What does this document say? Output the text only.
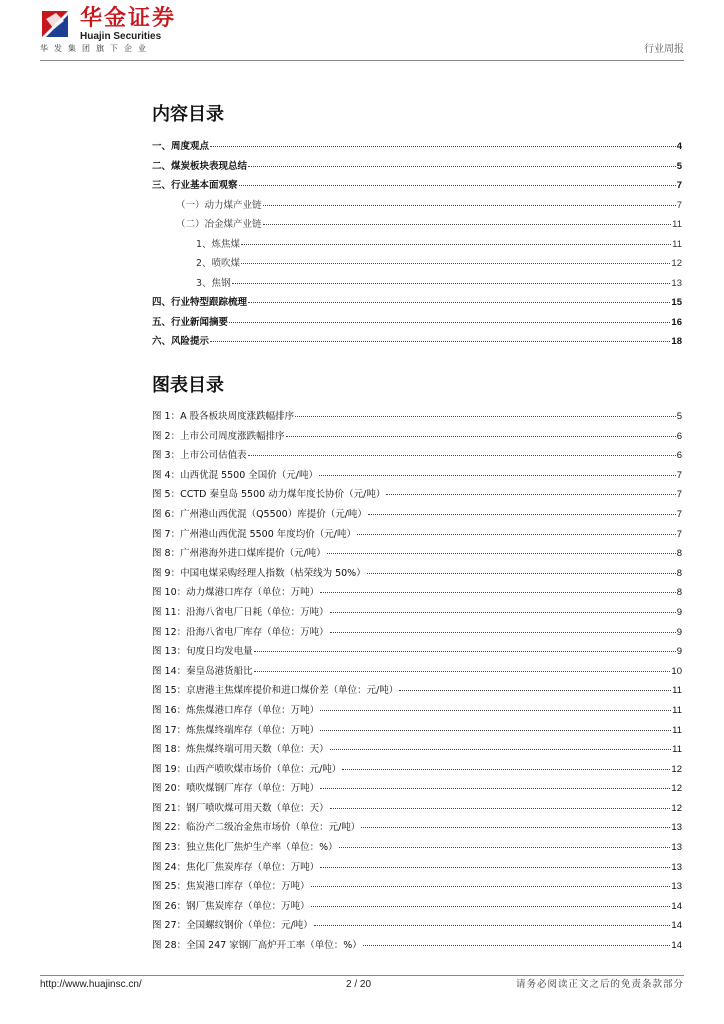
华金证券
Huajin Securities
华发集团旗下企业	行业周报
内容目录
一、周度观点	4
二、煤炭板块表现总结	5
三、行业基本面观察	7
（一）动力煤产业链	7
（二）冶金煤产业链	11
1、炼焦煤	11
2、喷吹煤	12
3、焦钢	13
四、行业特型跟踪梳理	15
五、行业新闻摘要	16
六、风险提示	18
图表目录
图 1：A 股各板块周度涨跌幅排序	5
图 2：上市公司周度涨跌幅排序	6
图 3：上市公司估值表	6
图 4：山西优混 5500 全国价（元/吨）	7
图 5：CCTD 秦皇岛 5500 动力煤年度长协价（元/吨）	7
图 6：广州港山西优混（Q5500）库提价（元/吨）	7
图 7：广州港山西优混 5500 年度均价（元/吨）	7
图 8：广州港海外进口煤库提价（元/吨）	8
图 9：中国电煤采购经理人指数（枯荣线为 50%）	8
图 10：动力煤港口库存（单位：万吨）	8
图 11：沿海八省电厂日耗（单位：万吨）	9
图 12：沿海八省电厂库存（单位：万吨）	9
图 13：旬度日均发电量	9
图 14：秦皇岛港货船比	10
图 15：京唐港主焦煤库提价和进口煤价差（单位：元/吨）	11
图 16：炼焦煤港口库存（单位：万吨）	11
图 17：炼焦煤终端库存（单位：万吨）	11
图 18：炼焦煤终端可用天数（单位：天）	11
图 19：山西产喷吹煤市场价（单位：元/吨）	12
图 20：喷吹煤钢厂库存（单位：万吨）	12
图 21：钢厂喷吹煤可用天数（单位：天）	12
图 22：临汾产二级冶金焦市场价（单位：元/吨）	13
图 23：独立焦化厂焦炉生产率（单位：%）	13
图 24：焦化厂焦炭库存（单位：万吨）	13
图 25：焦炭港口库存（单位：万吨）	13
图 26：钢厂焦炭库存（单位：万吨）	14
图 27：全国螺纹钢价（单位：元/吨）	14
图 28：全国 247 家钢厂高炉开工率（单位：%）	14
http://www.huajinsc.cn/	2 / 20	请务必阅读正文之后的免责条款部分
